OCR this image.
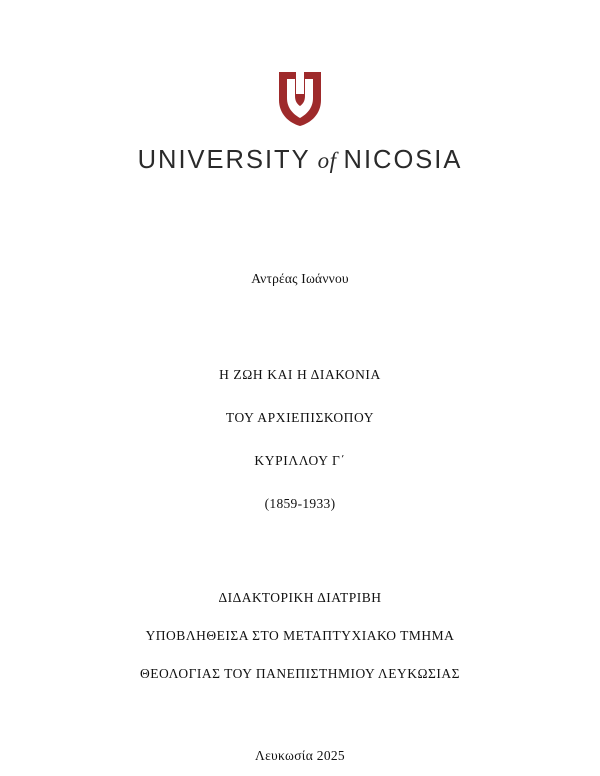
UNIVERSITY of NICOSIA
Αντρέας Ιωάννου
Η ΖΩΗ ΚΑΙ Η ΔΙΑΚΟΝΙΑ
ΤΟΥ ΑΡΧΙΕΠΙΣΚΟΠΟΥ
ΚΥΡΙΛΛΟΥ Γ΄
(1859-1933)
ΔΙΔΑΚΤΟΡΙΚΗ ΔΙΑΤΡΙΒΗ
ΥΠΟΒΛΗΘΕΙΣΑ ΣΤΟ ΜΕΤΑΠΤΥΧΙΑΚΟ ΤΜΗΜΑ
ΘΕΟΛΟΓΙΑΣ ΤΟΥ ΠΑΝΕΠΙΣΤΗΜΙΟΥ ΛΕΥΚΩΣΙΑΣ
Λευκωσία 2025
